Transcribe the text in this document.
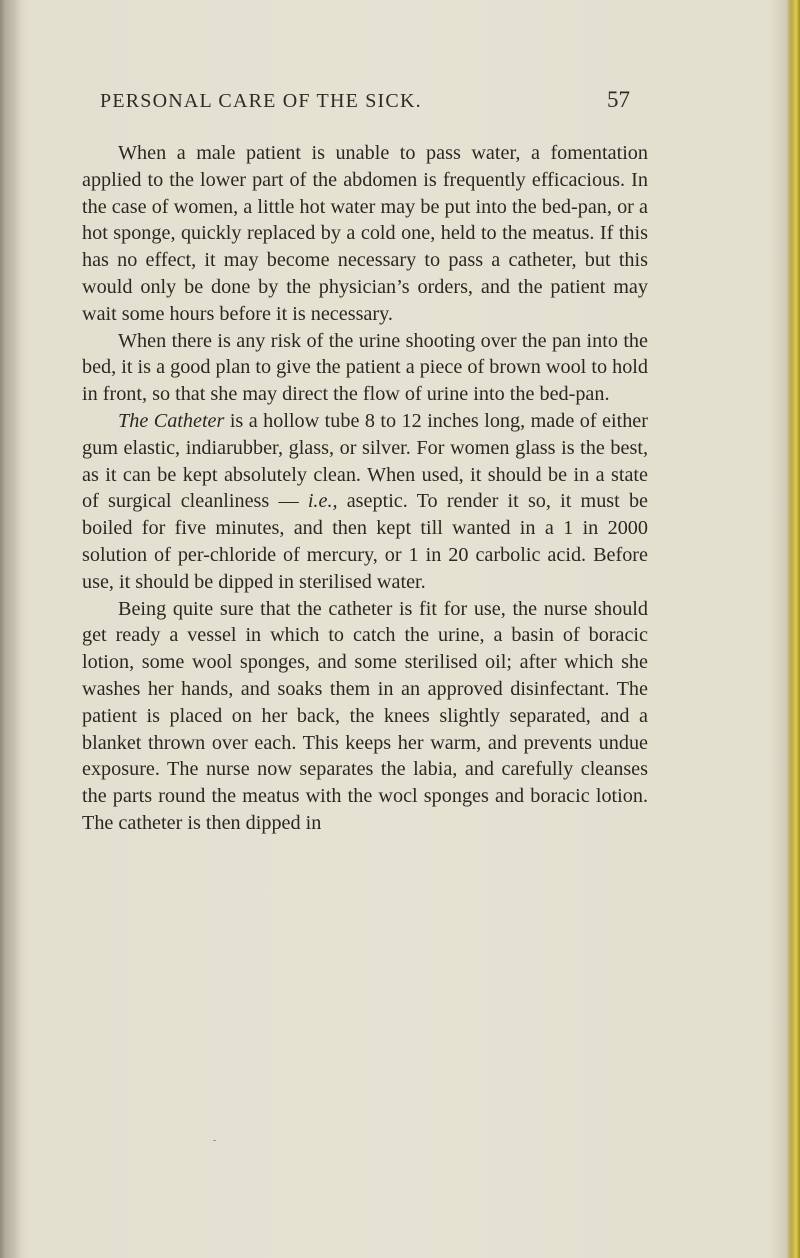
PERSONAL CARE OF THE SICK.	57

When a male patient is unable to pass water, a fomentation applied to the lower part of the abdomen is frequently efficacious. In the case of women, a little hot water may be put into the bed-pan, or a hot sponge, quickly replaced by a cold one, held to the meatus. If this has no effect, it may become necessary to pass a catheter, but this would only be done by the physician’s orders, and the patient may wait some hours before it is necessary.

When there is any risk of the urine shooting over the pan into the bed, it is a good plan to give the patient a piece of brown wool to hold in front, so that she may direct the flow of urine into the bed-pan.

The Catheter is a hollow tube 8 to 12 inches long, made of either gum elastic, indiarubber, glass, or silver. For women glass is the best, as it can be kept absolutely clean. When used, it should be in a state of surgical cleanliness — i.e., aseptic. To render it so, it must be boiled for five minutes, and then kept till wanted in a 1 in 2000 solution of per-chloride of mercury, or 1 in 20 carbolic acid. Before use, it should be dipped in sterilised water.

Being quite sure that the catheter is fit for use, the nurse should get ready a vessel in which to catch the urine, a basin of boracic lotion, some wool sponges, and some sterilised oil; after which she washes her hands, and soaks them in an approved disinfectant. The patient is placed on her back, the knees slightly separated, and a blanket thrown over each. This keeps her warm, and prevents undue exposure. The nurse now separates the labia, and carefully cleanses the parts round the meatus with the wocl sponges and boracic lotion. The catheter is then dipped in
